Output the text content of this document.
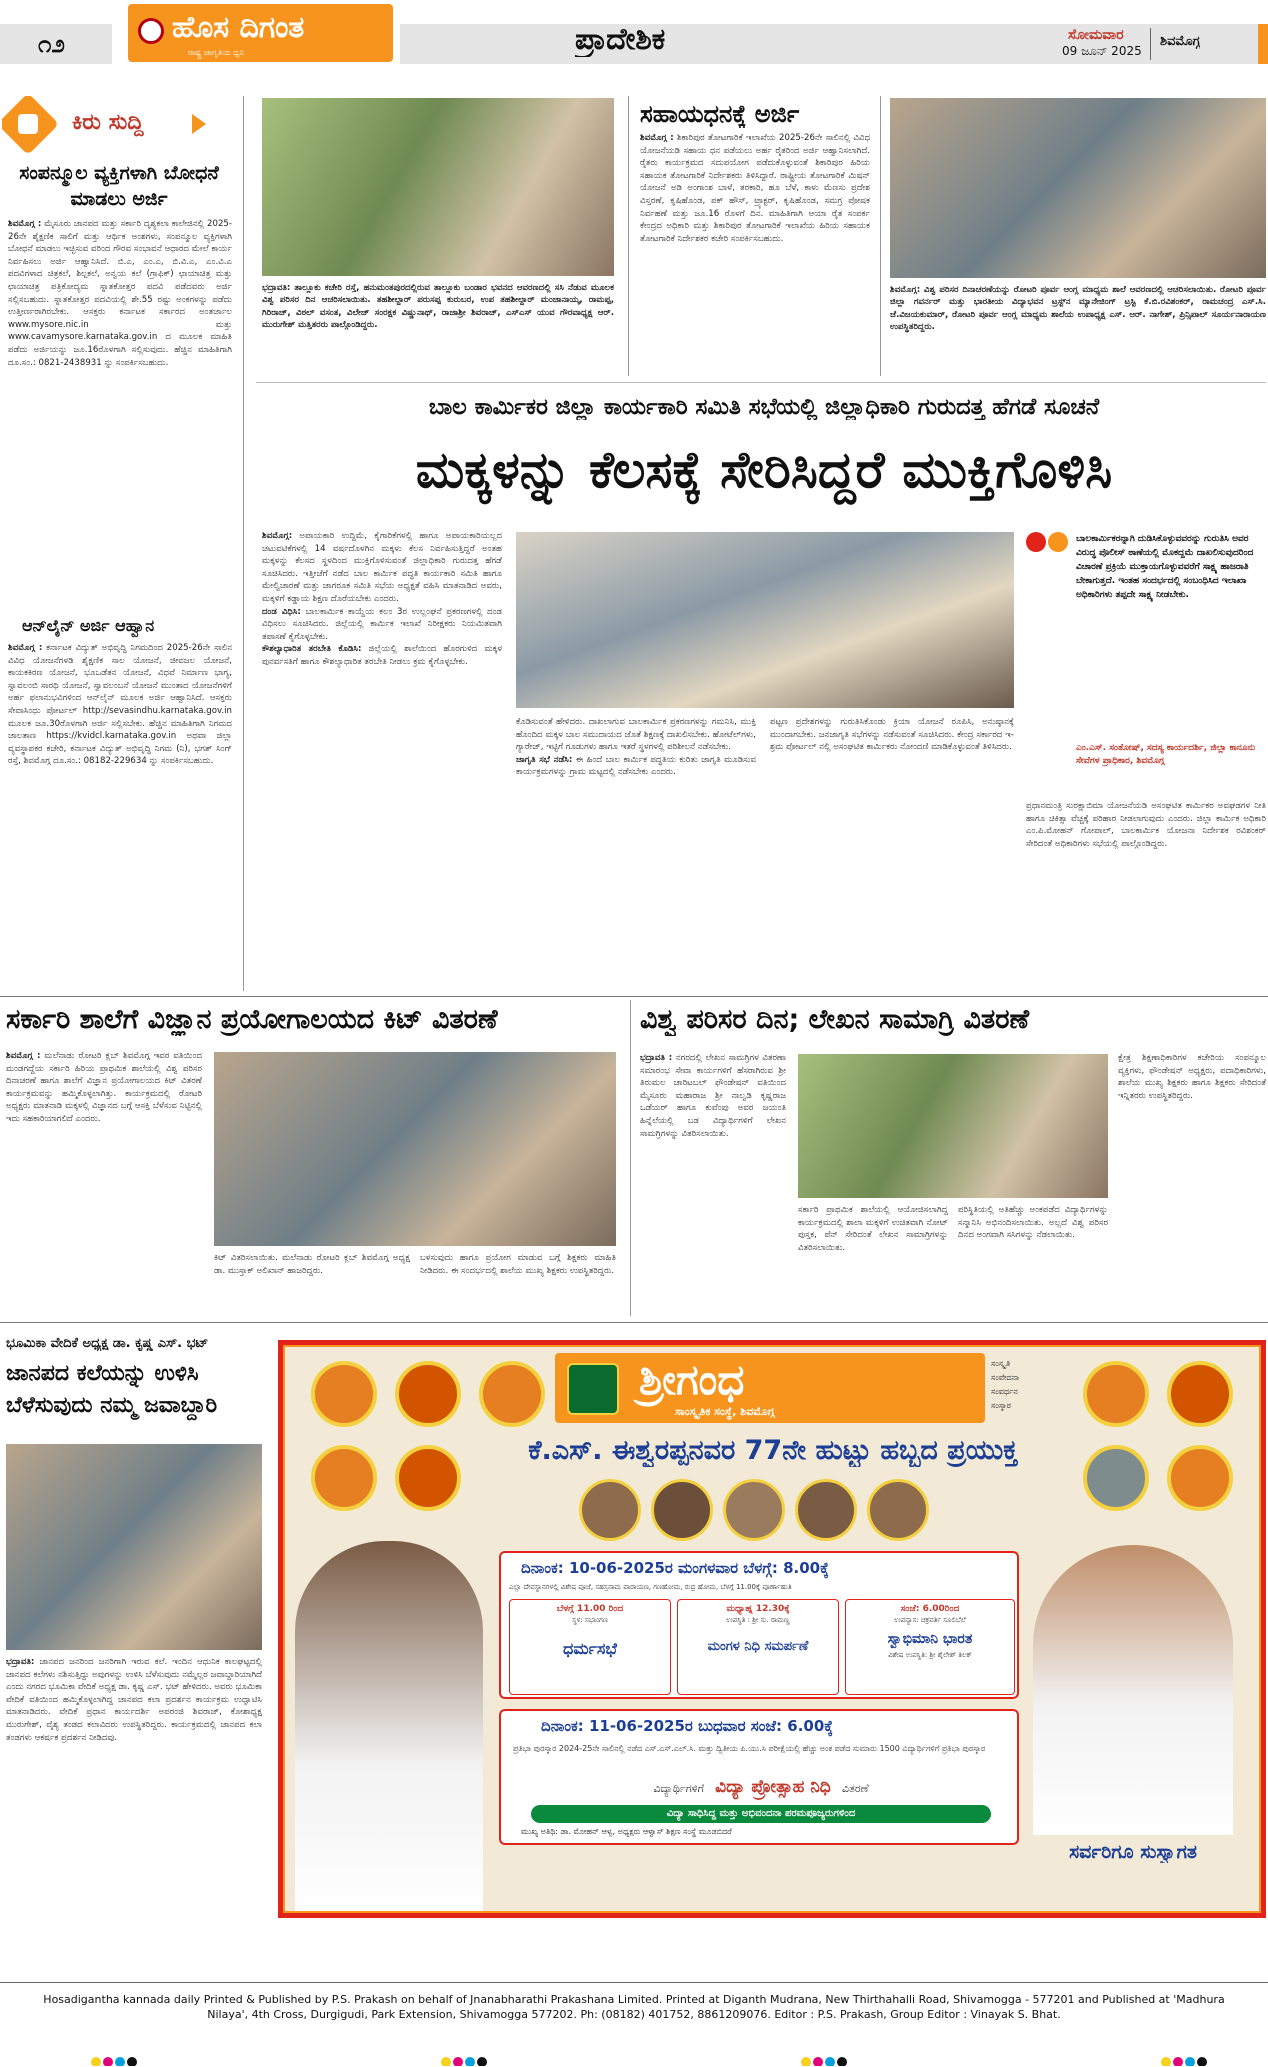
೧೨	ಹೊಸ ದಿಗಂತ
ರಾಷ್ಟ್ರ ಜಾಗೃತಿಯ ಧ್ವನಿ	ಪ್ರಾದೇಶಿಕ	ಸೋಮವಾರ
09 ಜೂನ್ 2025
ಶಿವಮೊಗ್ಗ
ಕಿರು ಸುದ್ದಿ
ಸಂಪನ್ಮೂಲ ವ್ಯಕ್ತಿಗಳಾಗಿ ಬೋಧನೆ ಮಾಡಲು ಅರ್ಜಿ
ಶಿವಮೊಗ್ಗ : ಮೈಸೂರು ಜಾನಪದ ಮತ್ತು ಸರ್ಕಾರಿ ದೃಶ್ಯಕಲಾ ಕಾಲೇಜಿನಲ್ಲಿ 2025-26ನೇ ಶೈಕ್ಷಣಿಕ ಸಾಲಿಗೆ ಮತ್ತು ಆರ್ಥಿಕ ಅಂಶಗಳು, ಸಂಪನ್ಮೂಲ ವ್ಯಕ್ತಿಗಳಾಗಿ ಬೋಧನೆ ಮಾಡಲು ಇಚ್ಛಿಸುವ ವರಿಂದ ಗೌರವ ಸಂಭಾವನೆ ಆಧಾರದ ಮೇಲೆ ಕಾರ್ಯ ನಿರ್ವಹಿಸಲು ಅರ್ಜಿ ಆಹ್ವಾನಿಸಿದೆ. ಬಿ.ಎ, ಎಂ.ಎ, ಬಿ.ವಿ.ಎ, ಎಂ.ವಿ.ಎ ಪದವಿಗಳಾದ ಚಿತ್ರಕಲೆ, ಶಿಲ್ಪಕಲೆ, ಅನ್ವಯ ಕಲೆ (ಗ್ರಾಫಿಕ್) ಛಾಯಾಚಿತ್ರ ಮತ್ತು ಛಾಯಾಚಿತ್ರ ಪತ್ರಿಕೋದ್ಯಮ ಸ್ನಾತಕೋತ್ತರ ಪದವಿ ಪಡೆದವರು ಅರ್ಜಿ ಸಲ್ಲಿಸಬಹುದು. ಸ್ನಾತಕೋತ್ತರ ಪದವಿಯಲ್ಲಿ ಶೇ.55 ರಷ್ಟು ಅಂಕಗಳನ್ನು ಪಡೆದು ಉತ್ತೀರ್ಣರಾಗಿರಬೇಕು. ಆಸಕ್ತರು ಕರ್ನಾಟಕ ಸರ್ಕಾರದ ಅಂತರ್ಜಾಲ www.mysore.nic.in ಮತ್ತು www.cavamysore.karnataka.gov.in ದ ಮೂಲಕ ಮಾಹಿತಿ ಪಡೆದು ಅರ್ಜಿಯನ್ನು ಜೂ.16ರೊಳಗಾಗಿ ಸಲ್ಲಿಸುವುದು. ಹೆಚ್ಚಿನ ಮಾಹಿತಿಗಾಗಿ ದೂ.ಸಂ.: 0821-2438931 ನ್ನು ಸಂಪರ್ಕಿಸಬಹುದು.
ಆನ್‌ಲೈನ್ ಅರ್ಜಿ ಆಹ್ವಾನ
ಶಿವಮೊಗ್ಗ : ಕರ್ನಾಟಕ ವಿದ್ಯುತ್ ಅಭಿವೃದ್ಧಿ ನಿಗಮದಿಂದ 2025-26ನೇ ಸಾಲಿನ ವಿವಿಧ ಯೋಜನೆಗಳಡಿ ಶೈಕ್ಷಣಿಕ ಸಾಲ ಯೋಜನೆ, ಜೀವಜಲ ಯೋಜನೆ, ಕಾಯಕಕಿರಣ ಯೋಜನೆ, ಭೂಒಡೆತನ ಯೋಜನೆ, ವಿಧವೆ ನಿರ್ಮಾಣ ಭಾಗ್ಯ, ಸ್ವಾವಲಂಬಿ ಸಾರಥಿ ಯೋಜನೆ, ಸ್ವಾವಲಂಬನೆ ಯೋಜನೆ ಮುಂತಾದ ಯೋಜನೆಗಳಿಗೆ ಅರ್ಹ ಫಲಾನುಭವಿಗಳಿಂದ ಆನ್‌ಲೈನ್ ಮೂಲಕ ಅರ್ಜಿ ಆಹ್ವಾನಿಸಿದೆ. ಆಸಕ್ತರು ಸೇವಾಸಿಂಧು ಪೋರ್ಟಲ್ http://sevasindhu.karnataka.gov.in ಮೂಲಕ ಜೂ.30ರೊಳಗಾಗಿ ಅರ್ಜಿ ಸಲ್ಲಿಸಬೇಕು. ಹೆಚ್ಚಿನ ಮಾಹಿತಿಗಾಗಿ ನಿಗಮದ ಜಾಲತಾಣ https://kvidcl.karnataka.gov.in ಅಥವಾ ಜಿಲ್ಲಾ ವ್ಯವಸ್ಥಾಪಕರ ಕಚೇರಿ, ಕರ್ನಾಟಕ ವಿದ್ಯುತ್ ಅಭಿವೃದ್ಧಿ ನಿಗಮ (ನಿ), ಭಗತ್ ಸಿಂಗ್ ರಸ್ತೆ, ಶಿವಮೊಗ್ಗ ದೂ.ಸಂ.: 08182-229634 ನ್ನು ಸಂಪರ್ಕಿಸಬಹುದು.
ಭದ್ರಾವತಿ: ತಾಲ್ಲೂಕು ಕಚೇರಿ ರಸ್ತೆ, ಹನುಮಂತಪುರದಲ್ಲಿರುವ ತಾಲ್ಲೂಕು ಬಂಡಾರ ಭವನದ ಆವರಣದಲ್ಲಿ ಸಸಿ ನೆಡುವ ಮೂಲಕ ವಿಶ್ವ ಪರಿಸರ ದಿನ ಆಚರಿಸಲಾಯಿತು. ತಹಶೀಲ್ದಾರ್ ಪರುಸಪ್ಪ ಕುರುಬರ, ಉಪ ತಹಶೀಲ್ದಾರ್ ಮಂಜಾನಾಯ್ಕ, ರಾಮಪ್ಪ, ಗಿರಿರಾಜ್, ವಿಠಲ್ ವಸಂತ, ವಿಲೇಜ್ ಸಂರಕ್ಷಕ ವಿಷ್ಣುನಾಥ್, ರಾಜಾಶ್ರೀ ಶಿವರಾಜ್, ಎಸ್‌ಎಸ್ ಯುವ ಗೌರವಾಧ್ಯಕ್ಷ ಆರ್. ಮುರುಗೇಶ್ ಮತ್ತಿತರರು ಪಾಲ್ಗೊಂಡಿದ್ದರು.
ಸಹಾಯಧನಕ್ಕೆ ಅರ್ಜಿ
ಶಿವಮೊಗ್ಗ : ಶಿಕಾರಿಪುರ ತೋಟಗಾರಿಕೆ ಇಲಾಖೆಯ 2025-26ನೇ ಸಾಲಿನಲ್ಲಿ ವಿವಿಧ ಯೋಜನೆಯಡಿ ಸಹಾಯ ಧನ ಪಡೆಯಲು ಅರ್ಹ ರೈತರಿಂದ ಅರ್ಜಿ ಆಹ್ವಾನಿಸಲಾಗಿದೆ. ರೈತರು ಕಾರ್ಯಕ್ರಮದ ಸದುಪಯೋಗ ಪಡೆದುಕೊಳ್ಳುವಂತೆ ಶಿಕಾರಿಪುರ ಹಿರಿಯ ಸಹಾಯಕ ತೋಟಗಾರಿಕೆ ನಿರ್ದೇಶಕರು ತಿಳಿಸಿದ್ದಾರೆ. ರಾಷ್ಟ್ರೀಯ ತೋಟಗಾರಿಕೆ ಮಿಷನ್ ಯೋಜನೆ ಅಡಿ ಅಂಗಾಂಶ ಬಾಳೆ, ತರಕಾರಿ, ಹೂ ಬೆಳೆ, ಕಾಳು ಮೆಣಸು ಪ್ರದೇಶ ವಿಸ್ತರಣೆ, ಕೃಷಿಹೊಂಡ, ಪಕ್ ಹೌಸ್, ಟ್ರ್ಯಾಕ್ಟರ್, ಕೃಷಿಹೊಂಡ, ಸಮಗ್ರ ಪೋಷಕ ನಿರ್ವಹಣೆ ಮತ್ತು ಜೂ.16 ರೊಳಗೆ ದಿನ. ಮಾಹಿತಿಗಾಗಿ ಆಯಾ ರೈತ ಸಂಪರ್ಕ ಕೇಂದ್ರದ ಅಧಿಕಾರಿ ಮತ್ತು ಶಿಕಾರಿಪುರ ತೋಟಗಾರಿಕೆ ಇಲಾಖೆಯ ಹಿರಿಯ ಸಹಾಯಕ ತೋಟಗಾರಿಕೆ ನಿರ್ದೇಶಕರ ಕಚೇರಿ ಸಂಪರ್ಕಿಸಬಹುದು.
ಶಿವಮೊಗ್ಗ: ವಿಶ್ವ ಪರಿಸರ ದಿನಾಚರಣೆಯನ್ನು ರೋಟರಿ ಪೂರ್ವ ಆಂಗ್ಲ ಮಾಧ್ಯಮ ಶಾಲೆ ಆವರಣದಲ್ಲಿ ಆಚರಿಸಲಾಯಿತು. ರೋಟರಿ ಪೂರ್ವ ಜಿಲ್ಲಾ ಗವರ್ನರ್ ಮತ್ತು ಭಾರತೀಯ ವಿದ್ಯಾಭವನ ಟ್ರಸ್ಟ್‌ನ ಮ್ಯಾನೇಜಿಂಗ್ ಟ್ರಸ್ಟಿ ಕೆ.ಬಿ.ರವಿಶಂಕರ್, ರಾಮಚಂದ್ರ ಎಸ್.ಸಿ. ಜೆ.ವಿಜಯಕುಮಾರ್, ರೋಟರಿ ಪೂರ್ವ ಆಂಗ್ಲ ಮಾಧ್ಯಮ ಶಾಲೆಯ ಉಪಾಧ್ಯಕ್ಷ ಎಸ್. ಆರ್. ನಾಗೇಶ್, ಪ್ರಿನ್ಸಿಪಾಲ್ ಸೂರ್ಯನಾರಾಯಣ ಉಪಸ್ಥಿತರಿದ್ದರು.
ಬಾಲ ಕಾರ್ಮಿಕರ ಜಿಲ್ಲಾ ಕಾರ್ಯಕಾರಿ ಸಮಿತಿ ಸಭೆಯಲ್ಲಿ ಜಿಲ್ಲಾಧಿಕಾರಿ ಗುರುದತ್ತ ಹೆಗಡೆ ಸೂಚನೆ
ಮಕ್ಕಳನ್ನು ಕೆಲಸಕ್ಕೆ ಸೇರಿಸಿದ್ದರೆ ಮುಕ್ತಿಗೊಳಿಸಿ
ಶಿವಮೊಗ್ಗ: ಅಪಾಯಕಾರಿ ಉದ್ದಿಮೆ, ಕೈಗಾರಿಕೆಗಳಲ್ಲಿ ಹಾಗೂ ಅಪಾಯಕಾರಿಯಲ್ಲದ ಚಟುವಟಿಕೆಗಳಲ್ಲಿ 14 ವರ್ಷದೊಳಗಿನ ಮಕ್ಕಳು ಕೆಲಸ ನಿರ್ವಹಿಸುತ್ತಿದ್ದರೆ ಅಂತಹ ಮಕ್ಕಳನ್ನು ಕೆಲಸದ ಸ್ಥಳದಿಂದ ಮುಕ್ತಿಗೊಳಿಸುವಂತೆ ಜಿಲ್ಲಾಧಿಕಾರಿ ಗುರುದತ್ತ ಹೆಗಡೆ ಸೂಚಿಸಿದರು. ಇತ್ತೀಚೆಗೆ ನಡೆದ ಬಾಲ ಕಾರ್ಮಿಕ ಪದ್ಧತಿ ಕಾರ್ಯಕಾರಿ ಸಮಿತಿ ಹಾಗೂ ಮೇಲ್ವಿಚಾರಣೆ ಮತ್ತು ಜಾಗರೂಕ ಸಮಿತಿ ಸಭೆಯ ಅಧ್ಯಕ್ಷತೆ ವಹಿಸಿ ಮಾತನಾಡಿದ ಅವರು, ಮಕ್ಕಳಿಗೆ ಕಡ್ಡಾಯ ಶಿಕ್ಷಣ ದೊರೆಯಬೇಕು ಎಂದರು.
ದಂಡ ವಿಧಿಸಿ: ಬಾಲಕಾರ್ಮಿಕ ಕಾಯ್ದೆಯ ಕಲಂ 3ರ ಉಲ್ಲಂಘನೆ ಪ್ರಕರಣಗಳಲ್ಲಿ ದಂಡ ವಿಧಿಸಲು ಸೂಚಿಸಿದರು. ಜಿಲ್ಲೆಯಲ್ಲಿ ಕಾರ್ಮಿಕ ಇಲಾಖೆ ನಿರೀಕ್ಷಕರು ನಿಯಮಿತವಾಗಿ ತಪಾಸಣೆ ಕೈಗೊಳ್ಳಬೇಕು.
ಕೌಶಲ್ಯಾಧಾರಿತ ತರಬೇತಿ ಕೊಡಿಸಿ: ಜಿಲ್ಲೆಯಲ್ಲಿ ಶಾಲೆಯಿಂದ ಹೊರಗುಳಿದ ಮಕ್ಕಳ ಪುನರ್ವಸತಿಗೆ ಹಾಗೂ ಕೌಶಲ್ಯಾಧಾರಿತ ತರಬೇತಿ ನೀಡಲು ಕ್ರಮ ಕೈಗೊಳ್ಳಬೇಕು.
ಕೊಡಿಸುವಂತೆ ಹೇಳಿದರು. ದಾಖಲಾಗುವ ಬಾಲಕಾರ್ಮಿಕ ಪ್ರಕರಣಗಳನ್ನು ಗಮನಿಸಿ, ಮುಕ್ತಿ ಹೊಂದಿದ ಮಕ್ಕಳ ಬಾಲ ಸಮುದಾಯದ ಜೊತೆ ಶಿಕ್ಷಣಕ್ಕೆ ದಾಖಲಿಸಬೇಕು. ಹೋಟೆಲ್‌ಗಳು, ಗ್ಯಾರೇಜ್, ಇಟ್ಟಿಗೆ ಗೂಡುಗಳು ಹಾಗೂ ಇತರೆ ಸ್ಥಳಗಳಲ್ಲಿ ಪರಿಶೀಲನೆ ನಡೆಸಬೇಕು.
ಜಾಗೃತಿ ಸಭೆ ನಡೆಸಿ: ಈ ಹಿಂದೆ ಬಾಲ ಕಾರ್ಮಿಕ ಪದ್ಧತಿಯ ಕುರಿತು ಜಾಗೃತಿ ಮೂಡಿಸುವ ಕಾರ್ಯಕ್ರಮಗಳನ್ನು ಗ್ರಾಮ ಮಟ್ಟದಲ್ಲಿ ನಡೆಸಬೇಕು ಎಂದರು.
ಪಟ್ಟಣ ಪ್ರದೇಶಗಳನ್ನು ಗುರುತಿಸಿಕೊಂಡು ಕ್ರಿಯಾ ಯೋಜನೆ ರೂಪಿಸಿ, ಅನುಷ್ಠಾನಕ್ಕೆ ಮುಂದಾಗಬೇಕು. ಜನಜಾಗೃತಿ ಸಭೆಗಳನ್ನು ನಡೆಸುವಂತೆ ಸೂಚಿಸಿದರು. ಕೇಂದ್ರ ಸರ್ಕಾರದ ಇ-ಶ್ರಮ ಪೋರ್ಟಲ್ ನಲ್ಲಿ ಅಸಂಘಟಿತ ಕಾರ್ಮಿಕರು ನೋಂದಣಿ ಮಾಡಿಕೊಳ್ಳುವಂತೆ ತಿಳಿಸಿದರು.
ಬಾಲಕಾರ್ಮಿಕರನ್ನಾಗಿ ದುಡಿಸಿಕೊಳ್ಳುವವರನ್ನು ಗುರುತಿಸಿ ಅವರ ವಿರುದ್ಧ ಪೊಲೀಸ್ ಠಾಣೆಯಲ್ಲಿ ಮೊಕದ್ದಮೆ ದಾಖಲಿಸುವುದರಿಂದ ವಿಚಾರಣೆ ಪ್ರಕ್ರಿಯೆ ಮುಕ್ತಾಯಗೊಳ್ಳುವವರೆಗೆ ಸಾಕ್ಷ್ಯ ಹಾಜರಾತಿ ಬೇಕಾಗುತ್ತದೆ. ಇಂತಹ ಸಂದರ್ಭದಲ್ಲಿ ಸಂಬಂಧಿಸಿದ ಇಲಾಖಾ ಅಧಿಕಾರಿಗಳು ತಪ್ಪದೇ ಸಾಕ್ಷ್ಯ ನೀಡಬೇಕು.
ಎಂ.ಎಸ್. ಸಂತೋಷ್, ಸದಸ್ಯ ಕಾರ್ಯದರ್ಶಿ, ಜಿಲ್ಲಾ ಕಾನೂನು ಸೇವೆಗಳ ಪ್ರಾಧಿಕಾರ, ಶಿವಮೊಗ್ಗ
ಪ್ರಧಾನಮಂತ್ರಿ ಸುರಕ್ಷಾಬಿಮಾ ಯೋಜನೆಯಡಿ ಅಸಂಘಟಿತ ಕಾರ್ಮಿಕರ ಅವಘಡಗಳ ನೀತಿ ಹಾಗೂ ಚಿಕಿತ್ಸಾ ವೆಚ್ಚಕ್ಕೆ ಪರಿಹಾರ ನೀಡಲಾಗುವುದು ಎಂದರು. ಜಿಲ್ಲಾ ಕಾರ್ಮಿಕ ಅಧಿಕಾರಿ ಎಂ.ಪಿ.ಮೋಹನ್ ಗೋಪಾಲ್, ಬಾಲಕಾರ್ಮಿಕ ಯೋಜನಾ ನಿರ್ದೇಶಕ ರವಿಶಂಕರ್ ಸೇರಿದಂತೆ ಅಧಿಕಾರಿಗಳು ಸಭೆಯಲ್ಲಿ ಪಾಲ್ಗೊಂಡಿದ್ದರು.
ಸರ್ಕಾರಿ ಶಾಲೆಗೆ ವಿಜ್ಞಾನ ಪ್ರಯೋಗಾಲಯದ ಕಿಟ್ ವಿತರಣೆ
ಶಿವಮೊಗ್ಗ : ಮಲೆನಾಡು ರೋಟರಿ ಕ್ಲಬ್ ಶಿವಮೊಗ್ಗ ಇವರ ವತಿಯಿಂದ ಮಂಡಗದ್ದೆಯ ಸರ್ಕಾರಿ ಹಿರಿಯ ಪ್ರಾಥಮಿಕ ಶಾಲೆಯಲ್ಲಿ ವಿಶ್ವ ಪರಿಸರ ದಿನಾಚರಣೆ ಹಾಗೂ ಶಾಲೆಗೆ ವಿಜ್ಞಾನ ಪ್ರಯೋಗಾಲಯದ ಕಿಟ್ ವಿತರಣೆ ಕಾರ್ಯಕ್ರಮವನ್ನು ಹಮ್ಮಿಕೊಳ್ಳಲಾಗಿತ್ತು. ಕಾರ್ಯಕ್ರಮದಲ್ಲಿ ರೋಟರಿ ಅಧ್ಯಕ್ಷರು ಮಾತನಾಡಿ ಮಕ್ಕಳಲ್ಲಿ ವಿಜ್ಞಾನದ ಬಗ್ಗೆ ಆಸಕ್ತಿ ಬೆಳೆಸುವ ನಿಟ್ಟಿನಲ್ಲಿ ಇದು ಸಹಕಾರಿಯಾಗಲಿದೆ ಎಂದರು.
ಕಿಟ್ ವಿತರಿಸಲಾಯಿತು. ಮಲೆನಾಡು ರೋಟರಿ ಕ್ಲಬ್ ಶಿವಮೊಗ್ಗ ಅಧ್ಯಕ್ಷ ಡಾ. ಮುಸ್ತಾಕ್ ಅಲಿಖಾನ್ ಹಾಜರಿದ್ದರು.
ಬಳಸುವುದು ಹಾಗೂ ಪ್ರಯೋಗ ಮಾಡುವ ಬಗ್ಗೆ ಶಿಕ್ಷಕರು ಮಾಹಿತಿ ನೀಡಿದರು. ಈ ಸಂದರ್ಭದಲ್ಲಿ ಶಾಲೆಯ ಮುಖ್ಯ ಶಿಕ್ಷಕರು ಉಪಸ್ಥಿತರಿದ್ದರು.
ವಿಶ್ವ ಪರಿಸರ ದಿನ; ಲೇಖನ ಸಾಮಾಗ್ರಿ ವಿತರಣೆ
ಭದ್ರಾವತಿ : ನಗರದಲ್ಲಿ ಲೇಖನ ಸಾಮಗ್ರಿಗಳ ವಿತರಣಾ ಸಮಾರಂಭ ಸೇವಾ ಕಾರ್ಯಗಳಿಗೆ ಹೆಸರಾಗಿರುವ ಶ್ರೀ ತಿರುಮಲ ಚಾರಿಟಬಲ್ ಫೌಂಡೇಷನ್ ವತಿಯಿಂದ ಮೈಸೂರು ಮಹಾರಾಜ ಶ್ರೀ ನಾಲ್ವಡಿ ಕೃಷ್ಣರಾಜ ಒಡೆಯರ್ ಹಾಗೂ ಕುವೆಂಪು ಅವರ ಜಯಂತಿ ಹಿನ್ನೆಲೆಯಲ್ಲಿ ಬಡ ವಿದ್ಯಾರ್ಥಿಗಳಿಗೆ ಲೇಖನ ಸಾಮಗ್ರಿಗಳನ್ನು ವಿತರಿಸಲಾಯಿತು.
ಸರ್ಕಾರಿ ಪ್ರಾಥಮಿಕ ಶಾಲೆಯಲ್ಲಿ ಆಯೋಜಿಸಲಾಗಿದ್ದ ಕಾರ್ಯಕ್ರಮದಲ್ಲಿ ಶಾಲಾ ಮಕ್ಕಳಿಗೆ ಉಚಿತವಾಗಿ ನೋಟ್ ಪುಸ್ತಕ, ಪೆನ್ ಸೇರಿದಂತೆ ಲೇಖನ ಸಾಮಾಗ್ರಿಗಳನ್ನು ವಿತರಿಸಲಾಯಿತು.
ಪರಿಸ್ಥಿತಿಯಲ್ಲಿ ಅತಿಹೆಚ್ಚು ಅಂಕಪಡೆದ ವಿದ್ಯಾರ್ಥಿಗಳನ್ನು ಸನ್ಮಾನಿಸಿ ಅಭಿನಂದಿಸಲಾಯಿತು. ಅಲ್ಲದೆ ವಿಶ್ವ ಪರಿಸರ ದಿನದ ಅಂಗವಾಗಿ ಸಸಿಗಳನ್ನು ನೆಡಲಾಯಿತು.
ಕ್ಷೇತ್ರ ಶಿಕ್ಷಣಾಧಿಕಾರಿಗಳ ಕಚೇರಿಯ ಸಂಪನ್ಮೂಲ ವ್ಯಕ್ತಿಗಳು, ಫೌಂಡೇಷನ್ ಅಧ್ಯಕ್ಷರು, ಪದಾಧಿಕಾರಿಗಳು, ಶಾಲೆಯ ಮುಖ್ಯ ಶಿಕ್ಷಕರು ಹಾಗೂ ಶಿಕ್ಷಕರು ಸೇರಿದಂತೆ ಇನ್ನಿತರರು ಉಪಸ್ಥಿತರಿದ್ದರು.
ಭೂಮಿಕಾ ವೇದಿಕೆ ಅಧ್ಯಕ್ಷ ಡಾ. ಕೃಷ್ಣ ಎಸ್. ಭಟ್
ಜಾನಪದ ಕಲೆಯನ್ನು ಉಳಿಸಿ ಬೆಳೆಸುವುದು ನಮ್ಮ ಜವಾಬ್ದಾರಿ
ಭದ್ರಾವತಿ: ಜಾನಪದ ಜನರಿಂದ ಜನರಿಗಾಗಿ ಇರುವ ಕಲೆ. ಇಂದಿನ ಆಧುನಿಕ ಕಾಲಘಟ್ಟದಲ್ಲಿ ಜಾನಪದ ಕಲೆಗಳು ನಶಿಸುತ್ತಿದ್ದು ಅವುಗಳನ್ನು ಉಳಿಸಿ ಬೆಳೆಸುವುದು ನಮ್ಮೆಲ್ಲರ ಜವಾಬ್ದಾರಿಯಾಗಿದೆ ಎಂದು ನಗರದ ಭೂಮಿಕಾ ವೇದಿಕೆ ಅಧ್ಯಕ್ಷ ಡಾ. ಕೃಷ್ಣ ಎಸ್. ಭಟ್ ಹೇಳಿದರು. ಅವರು ಭೂಮಿಕಾ ವೇದಿಕೆ ವತಿಯಿಂದ ಹಮ್ಮಿಕೊಳ್ಳಲಾಗಿದ್ದ ಜಾನಪದ ಕಲಾ ಪ್ರದರ್ಶನ ಕಾರ್ಯಕ್ರಮ ಉದ್ಘಾಟಿಸಿ ಮಾತನಾಡಿದರು. ವೇದಿಕೆ ಪ್ರಧಾನ ಕಾರ್ಯದರ್ಶಿ ಅಪರಂಜಿ ಶಿವರಾಜ್, ಕೋಶಾಧ್ಯಕ್ಷ ಮುರುಗೇಶ್, ವೈಶ್ಯ ತಂಡದ ಕಲಾವಿದರು ಉಪಸ್ಥಿತರಿದ್ದರು. ಕಾರ್ಯಕ್ರಮದಲ್ಲಿ ಜಾನಪದ ಕಲಾ ತಂಡಗಳು ಆಕರ್ಷಕ ಪ್ರದರ್ಶನ ನೀಡಿದವು.
ಶ್ರೀಗಂಧ
ಸಾಂಸ್ಕೃತಿಕ ಸಂಸ್ಥೆ, ಶಿವಮೊಗ್ಗ
ಸಂಸ್ಕೃತಿ
ಸಂವೇದನಾ
ಸಂವರ್ಧನ
ಸಂಸ್ಕಾರ
ಕೆ.ಎಸ್. ಈಶ್ವರಪ್ಪನವರ 77ನೇ ಹುಟ್ಟು ಹಬ್ಬದ ಪ್ರಯುಕ್ತ
ದಿನಾಂಕ: 10-06-2025ರ ಮಂಗಳವಾರ ಬೆಳಗ್ಗೆ: 8.00ಕ್ಕೆ
ಎಲ್ಲಾ ದೇವಸ್ಥಾನಗಳಲ್ಲಿ ವಿಶೇಷ ಪೂಜೆ, ಸಹಸ್ರನಾಮ ಪಾರಾಯಣ, ಗಣಹೋಮ, ರುದ್ರ ಹೋಮ, ಬೆಳಗ್ಗೆ 11.00ಕ್ಕೆ ಪೂರ್ಣಾಹುತಿ
ಬೆಳಗ್ಗೆ 11.00 ರಿಂದ
ಸ್ಥಳ: ಸಭಾಂಗಣ
ಧರ್ಮಸಭೆ
ಮಧ್ಯಾಹ್ನ 12.30ಕ್ಕೆ
ಉಪಸ್ಥಿತಿ : ಶ್ರೀ ಸು. ರಾಮಣ್ಣ
ಮಂಗಳ ನಿಧಿ ಸಮರ್ಪಣೆ
ಸಂಜೆ: 6.00ರಿಂದ
ಉಪನ್ಯಾಸ: ಚಕ್ರವರ್ತಿ ಸೂಲಿಬೆಲೆ
ಸ್ವಾಭಿಮಾನಿ ಭಾರತ
ವಿಶೇಷ ಉಪಸ್ಥಿತಿ: ಶ್ರೀ ಶೈಲೇಶ್ ತಿಲಕ್
ದಿನಾಂಕ: 11-06-2025ರ ಬುಧವಾರ ಸಂಜೆ: 6.00ಕ್ಕೆ
ಪ್ರತಿಭಾ ಪುರಸ್ಕಾರ 2024-25ನೇ ಸಾಲಿನಲ್ಲಿ ನಡೆದ ಎಸ್.ಎಸ್.ಎಲ್.ಸಿ. ಮತ್ತು ದ್ವಿತೀಯ ಪಿ.ಯು.ಸಿ ಪರೀಕ್ಷೆಯಲ್ಲಿ ಹೆಚ್ಚು ಅಂಕ ಪಡೆದ ಸುಮಾರು 1500 ವಿದ್ಯಾರ್ಥಿಗಳಿಗೆ ಪ್ರತಿಭಾ ಪುರಸ್ಕಾರ
ವಿದ್ಯಾರ್ಥಿಗಳಿಗೆ ವಿದ್ಯಾ ಪ್ರೋತ್ಸಾಹ ನಿಧಿ ವಿತರಣೆ
ವಿದ್ಯಾ ಸಾಧಿಸಿದ್ದ ಮತ್ತು ಅಭಿವಂದನಾ ಪರಮಪೂಜ್ಯರುಗಳಿಂದ
ಮುಖ್ಯ ಅತಿಥಿ: ಡಾ. ಮೋಹನ್ ಆಳ್ವ, ಅಧ್ಯಕ್ಷರು ಆಳ್ವಾಸ್ ಶಿಕ್ಷಣ ಸಂಸ್ಥೆ ಮೂಡಬಿದರೆ
ಸರ್ವರಿಗೂ ಸುಸ್ವಾಗತ
Hosadigantha kannada daily Printed & Published by P.S. Prakash on behalf of Jnanabharathi Prakashana Limited. Printed at Diganth Mudrana, New Thirthahalli Road, Shivamogga - 577201 and Published at 'Madhura Nilaya', 4th Cross, Durgigudi, Park Extension, Shivamogga 577202. Ph: (08182) 401752, 8861209076. Editor : P.S. Prakash, Group Editor : Vinayak S. Bhat.
